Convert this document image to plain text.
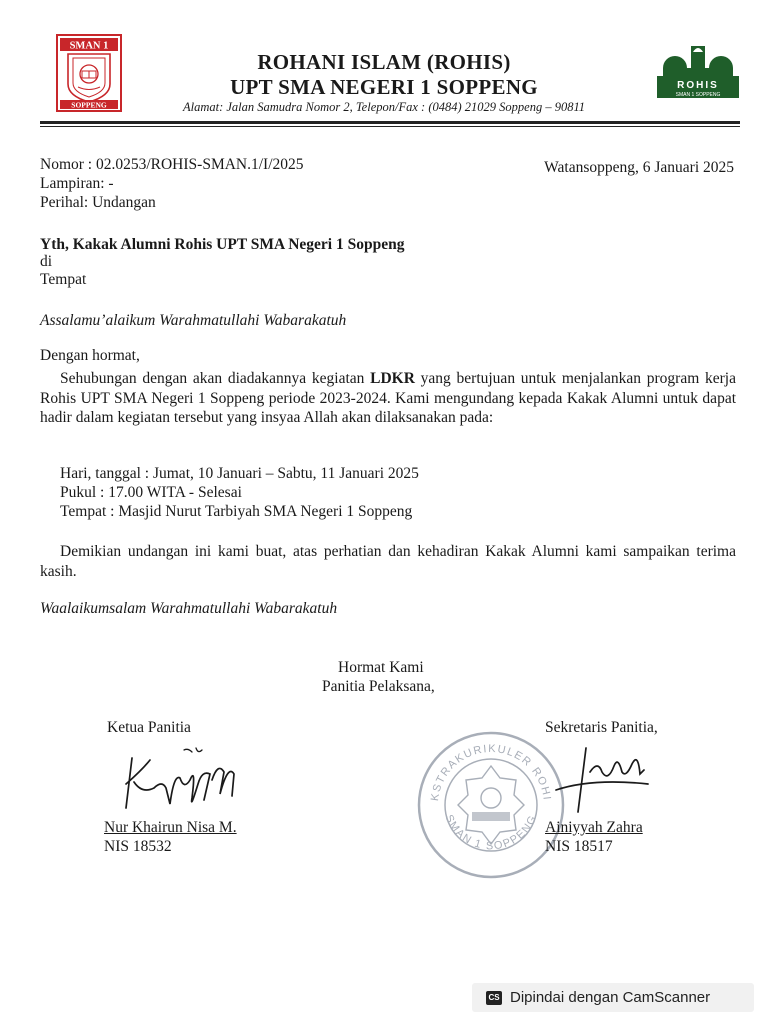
SMAN 1
SOPPENG
ROHANI ISLAM (ROHIS)
UPT SMA NEGERI 1 SOPPENG
Alamat: Jalan Samudra Nomor 2, Telepon/Fax : (0484) 21029 Soppeng – 90811
ROHIS
SMAN 1 SOPPENG
Nomor : 02.0253/ROHIS-SMAN.1/I/2025
Lampiran: -
Perihal: Undangan
Watansoppeng, 6 Januari 2025
Yth, Kakak Alumni Rohis UPT SMA Negeri 1 Soppeng
di
Tempat
Assalamu’alaikum Warahmatullahi Wabarakatuh
Dengan hormat,
Sehubungan dengan akan diadakannya kegiatan LDKR yang bertujuan untuk menjalankan program kerja Rohis UPT SMA Negeri 1 Soppeng periode 2023-2024. Kami mengundang kepada Kakak Alumni untuk dapat hadir dalam kegiatan tersebut yang insyaa Allah akan dilaksanakan pada:
Hari, tanggal : Jumat, 10 Januari – Sabtu, 11 Januari 2025
Pukul : 17.00 WITA - Selesai
Tempat : Masjid Nurut Tarbiyah SMA Negeri 1 Soppeng
Demikian undangan ini kami buat, atas perhatian dan kehadiran Kakak Alumni kami sampaikan terima kasih.
Waalaikumsalam Warahmatullahi Wabarakatuh
Hormat Kami
Panitia Pelaksana,
Ketua Panitia	Sekretaris Panitia,
KSTRAKURIKULER ROHI
SMAN 1 SOPPENG
Nur Khairun Nisa M.
NIS 18532
Ainiyyah Zahra
NIS 18517
CS Dipindai dengan CamScanner
